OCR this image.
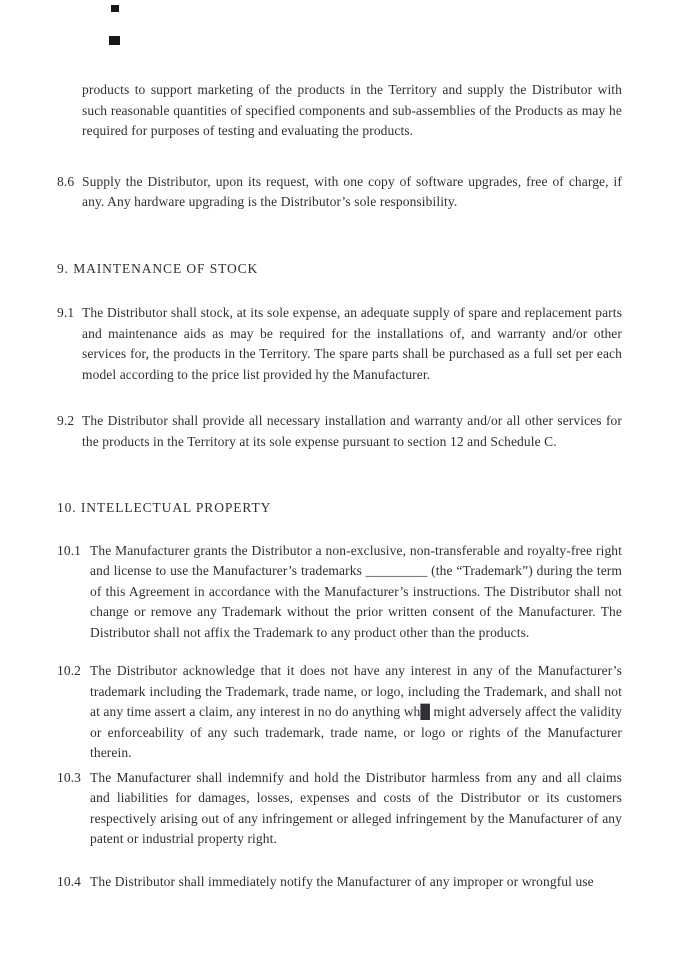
products to support marketing of the products in the Territory and supply the Distributor with such reasonable quantities of specified components and sub-assemblies of the Products as may he required for purposes of testing and evaluating the products.

8.6 Supply the Distributor, upon its request, with one copy of software upgrades, free of charge, if any. Any hardware upgrading is the Distributor’s sole responsibility.

9. MAINTENANCE OF STOCK
9.1 The Distributor shall stock, at its sole expense, an adequate supply of spare and replacement parts and maintenance aids as may be required for the installations of, and warranty and/or other services for, the products in the Territory. The spare parts shall be purchased as a full set per each model according to the price list provided hy the Manufacturer.

9.2 The Distributor shall provide all necessary installation and warranty and/or all other services for the products in the Territory at its sole expense pursuant to section 12 and Schedule C.

10. INTELLECTUAL PROPERTY
10.1 The Manufacturer grants the Distributor a non-exclusive, non-transferable and royalty-free right and license to use the Manufacturer’s trademarks _________ (the “Trademark”) during the term of this Agreement in accordance with the Manufacturer’s instructions. The Distributor shall not change or remove any Trademark without the prior written consent of the Manufacturer. The Distributor shall not affix the Trademark to any product other than the products.

10.2 The Distributor acknowledge that it does not have any interest in any of the Manufacturer’s trademark including the Trademark, trade name, or logo, including the Trademark, and shall not at any time assert a claim, any interest in no do anything wh█ might adversely affect the validity or enforceability of any such trademark, trade name, or logo or rights of the Manufacturer therein.

10.3 The Manufacturer shall indemnify and hold the Distributor harmless from any and all claims and liabilities for damages, losses, expenses and costs of the Distributor or its customers respectively arising out of any infringement or alleged infringement by the Manufacturer of any patent or industrial property right.

10.4 The Distributor shall immediately notify the Manufacturer of any improper or wrongful use
